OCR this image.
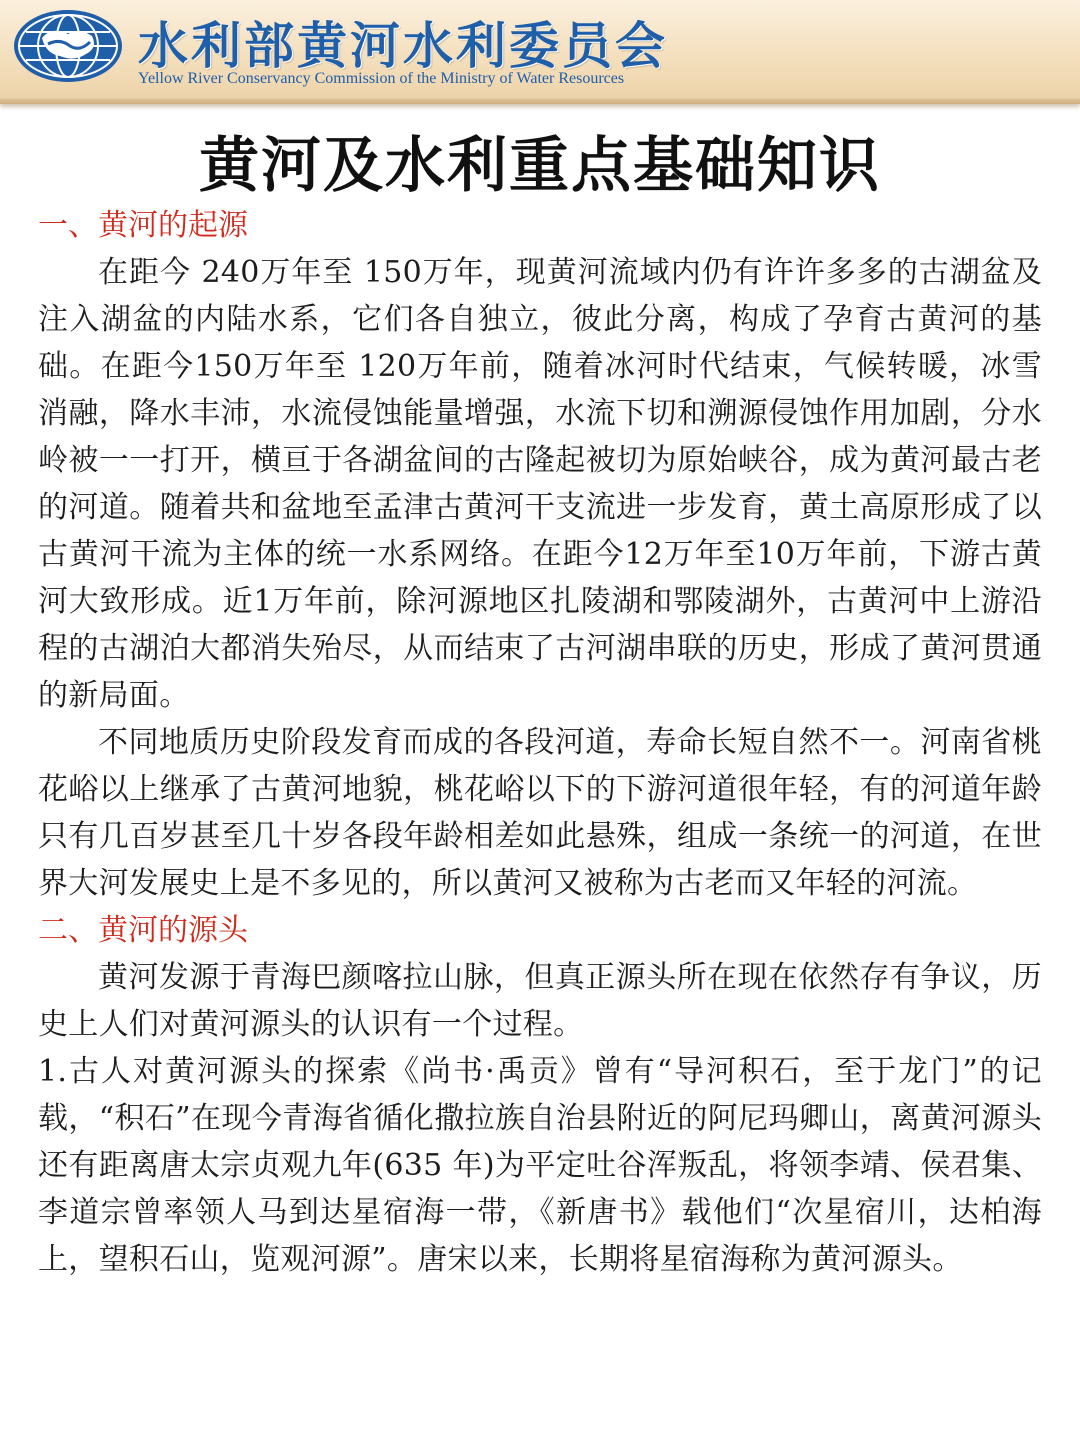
水利部黄河水利委员会
Yellow River Conservancy Commission of the Ministry of Water Resources
黄河及水利重点基础知识

一、黄河的起源

在距今 240万年至 150万年，现黄河流域内仍有许许多多的古湖盆及注入湖盆的内陆水系，它们各自独立，彼此分离，构成了孕育古黄河的基础。在距今150万年至 120万年前，随着冰河时代结束，气候转暖，冰雪消融，降水丰沛，水流侵蚀能量增强，水流下切和溯源侵蚀作用加剧，分水岭被一一打开，横亘于各湖盆间的古隆起被切为原始峡谷，成为黄河最古老的河道。随着共和盆地至孟津古黄河干支流进一步发育，黄土高原形成了以古黄河干流为主体的统一水系网络。在距今12万年至10万年前，下游古黄河大致形成。近1万年前，除河源地区扎陵湖和鄂陵湖外，古黄河中上游沿程的古湖泊大都消失殆尽，从而结束了古河湖串联的历史，形成了黄河贯通的新局面。

不同地质历史阶段发育而成的各段河道，寿命长短自然不一。河南省桃花峪以上继承了古黄河地貌，桃花峪以下的下游河道很年轻，有的河道年龄只有几百岁甚至几十岁各段年龄相差如此悬殊，组成一条统一的河道，在世界大河发展史上是不多见的，所以黄河又被称为古老而又年轻的河流。

二、黄河的源头

黄河发源于青海巴颜喀拉山脉，但真正源头所在现在依然存有争议，历史上人们对黄河源头的认识有一个过程。

1.古人对黄河源头的探索《尚书·禹贡》曾有“导河积石，至于龙门”的记载，“积石”在现今青海省循化撒拉族自治县附近的阿尼玛卿山，离黄河源头还有距离唐太宗贞观九年(635 年)为平定吐谷浑叛乱，将领李靖、侯君集、李道宗曾率领人马到达星宿海一带，《新唐书》载他们“次星宿川，达柏海上，望积石山，览观河源”。唐宋以来，长期将星宿海称为黄河源头。
